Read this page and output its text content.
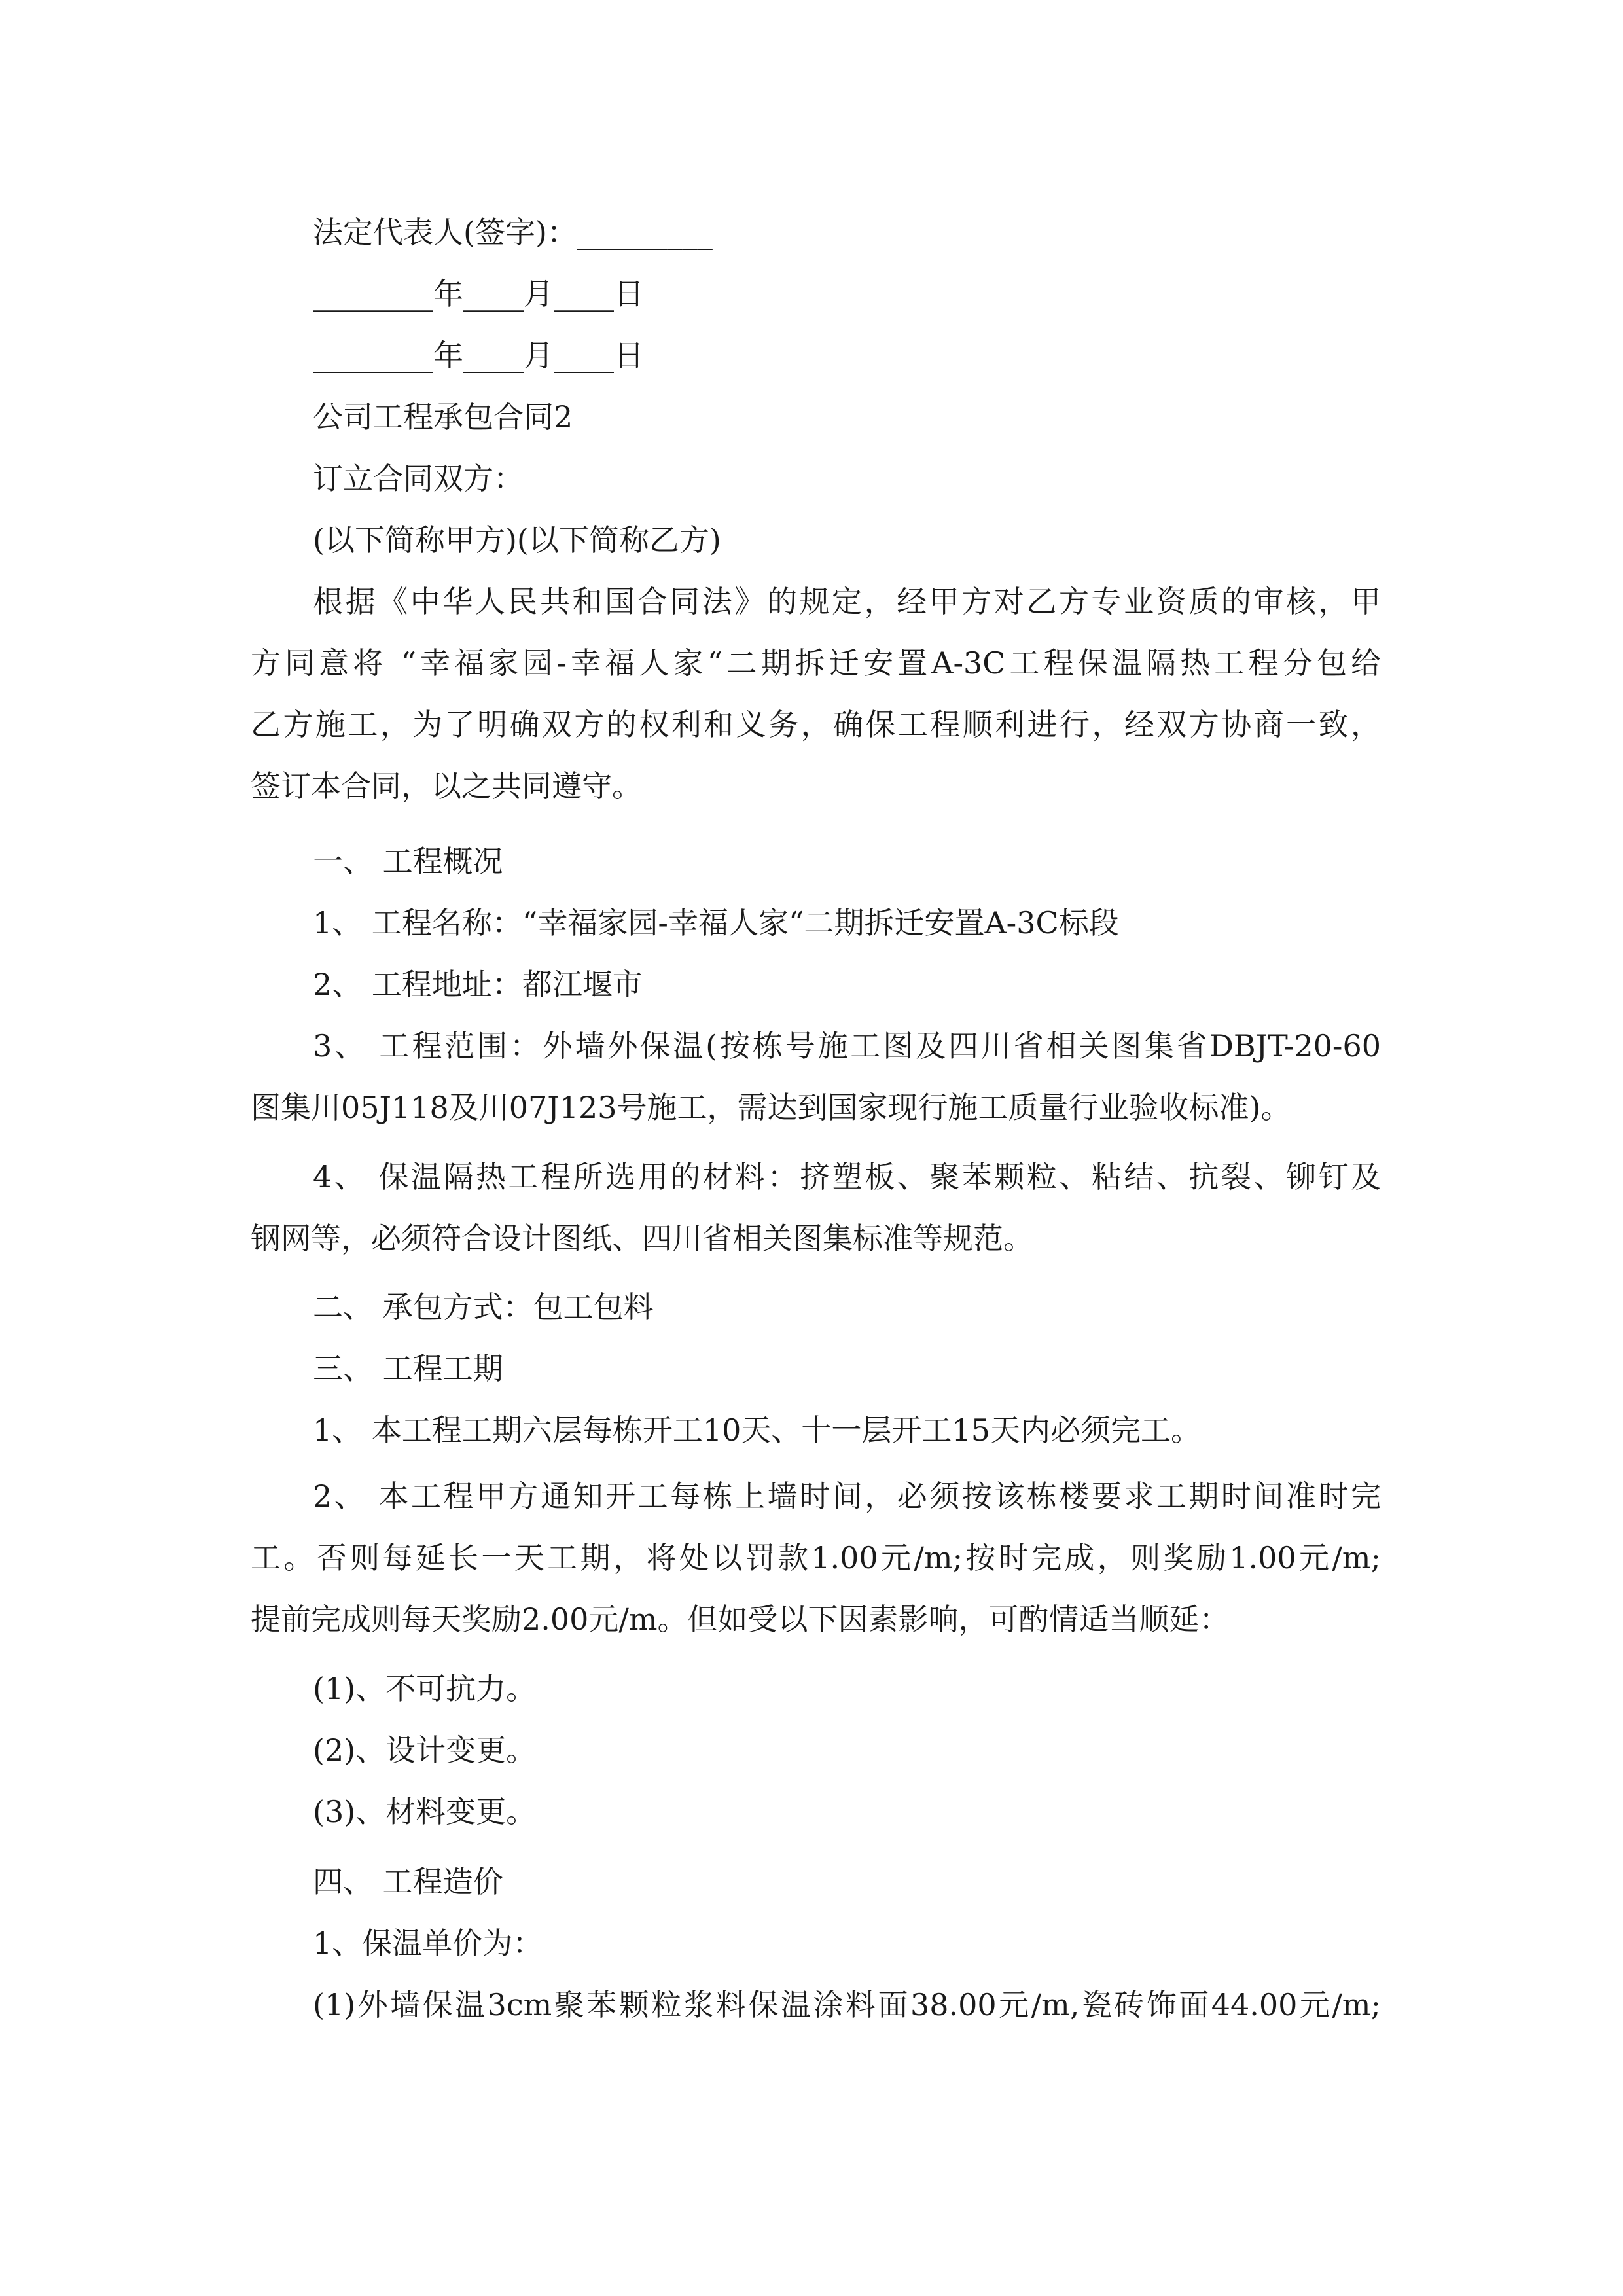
法定代表人(签字)：_________
________年____月____日
________年____月____日
公司工程承包合同2
订立合同双方：
(以下简称甲方)(以下简称乙方)
根据《中华人民共和国合同法》的规定，经甲方对乙方专业资质的审核，甲
方同意将 “幸福家园-幸福人家“二期拆迁安置A-3C工程保温隔热工程分包给
乙方施工，为了明确双方的权利和义务，确保工程顺利进行，经双方协商一致，
签订本合同，以之共同遵守。
一、 工程概况
1、 工程名称：“幸福家园-幸福人家“二期拆迁安置A-3C标段
2、 工程地址：都江堰市
3、 工程范围：外墙外保温(按栋号施工图及四川省相关图集省DBJT-20-60
图集川05J118及川07J123号施工，需达到国家现行施工质量行业验收标准)。
4、 保温隔热工程所选用的材料：挤塑板、聚苯颗粒、粘结、抗裂、铆钉及
钢网等，必须符合设计图纸、四川省相关图集标准等规范。
二、 承包方式：包工包料
三、 工程工期
1、 本工程工期六层每栋开工10天、十一层开工15天内必须完工。
2、 本工程甲方通知开工每栋上墙时间，必须按该栋楼要求工期时间准时完
工。否则每延长一天工期，将处以罚款1.00元/m;按时完成，则奖励1.00元/m;
提前完成则每天奖励2.00元/m。但如受以下因素影响，可酌情适当顺延：
(1)、不可抗力。
(2)、设计变更。
(3)、材料变更。
四、 工程造价
1、保温单价为：
(1)外墙保温3cm聚苯颗粒浆料保温涂料面38.00元/m,瓷砖饰面44.00元/m;
